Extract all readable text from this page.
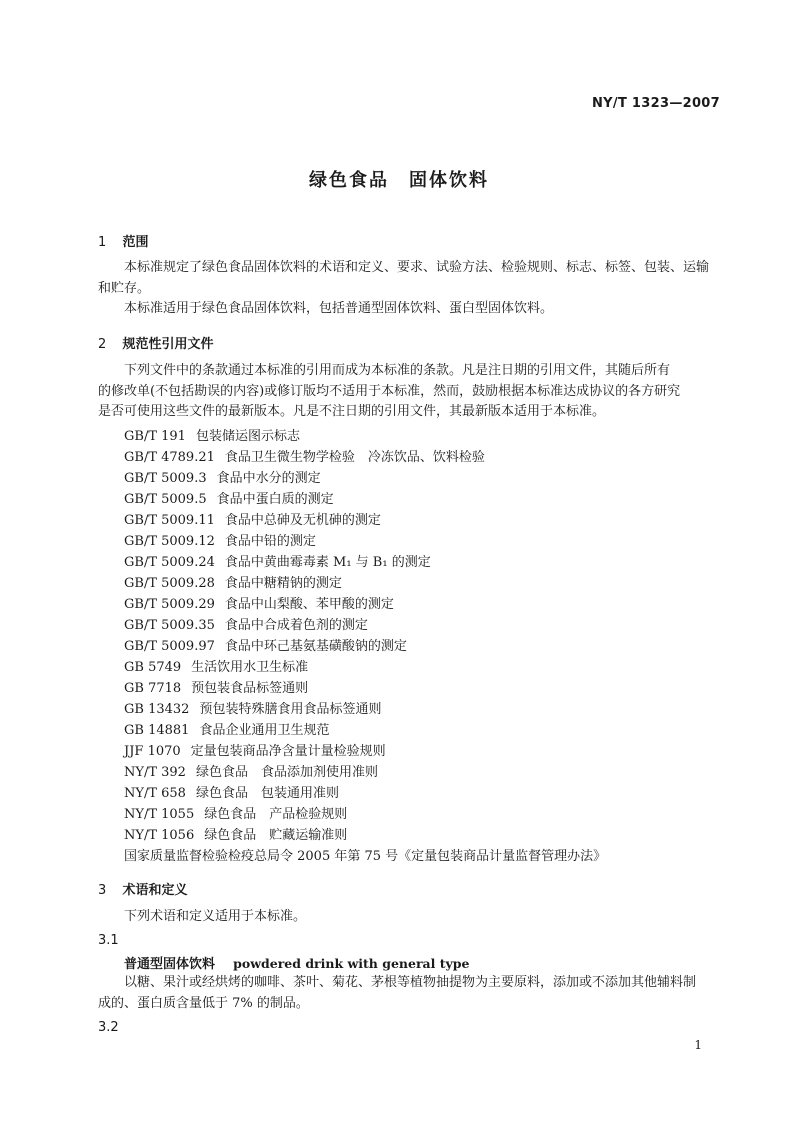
NY/T 1323—2007
绿色食品　固体饮料
1 范围
本标准规定了绿色食品固体饮料的术语和定义、要求、试验方法、检验规则、标志、标签、包装、运输
和贮存。
本标准适用于绿色食品固体饮料，包括普通型固体饮料、蛋白型固体饮料。
2 规范性引用文件
下列文件中的条款通过本标准的引用而成为本标准的条款。凡是注日期的引用文件，其随后所有
的修改单(不包括勘误的内容)或修订版均不适用于本标准，然而，鼓励根据本标准达成协议的各方研究
是否可使用这些文件的最新版本。凡是不注日期的引用文件，其最新版本适用于本标准。
GB/T 191 包装储运图示标志
GB/T 4789.21 食品卫生微生物学检验　冷冻饮品、饮料检验
GB/T 5009.3 食品中水分的测定
GB/T 5009.5 食品中蛋白质的测定
GB/T 5009.11 食品中总砷及无机砷的测定
GB/T 5009.12 食品中铅的测定
GB/T 5009.24 食品中黄曲霉毒素 M₁ 与 B₁ 的测定
GB/T 5009.28 食品中糖精钠的测定
GB/T 5009.29 食品中山梨酸、苯甲酸的测定
GB/T 5009.35 食品中合成着色剂的测定
GB/T 5009.97 食品中环己基氨基磺酸钠的测定
GB 5749 生活饮用水卫生标准
GB 7718 预包装食品标签通则
GB 13432 预包装特殊膳食用食品标签通则
GB 14881 食品企业通用卫生规范
JJF 1070 定量包装商品净含量计量检验规则
NY/T 392 绿色食品　食品添加剂使用准则
NY/T 658 绿色食品　包装通用准则
NY/T 1055 绿色食品　产品检验规则
NY/T 1056 绿色食品　贮藏运输准则
国家质量监督检验检疫总局令 2005 年第 75 号《定量包装商品计量监督管理办法》
3 术语和定义
下列术语和定义适用于本标准。
3.1
普通型固体饮料 powdered drink with general type
以糖、果汁或经烘烤的咖啡、茶叶、菊花、茅根等植物抽提物为主要原料，添加或不添加其他辅料制
成的、蛋白质含量低于 7% 的制品。
3.2
1
